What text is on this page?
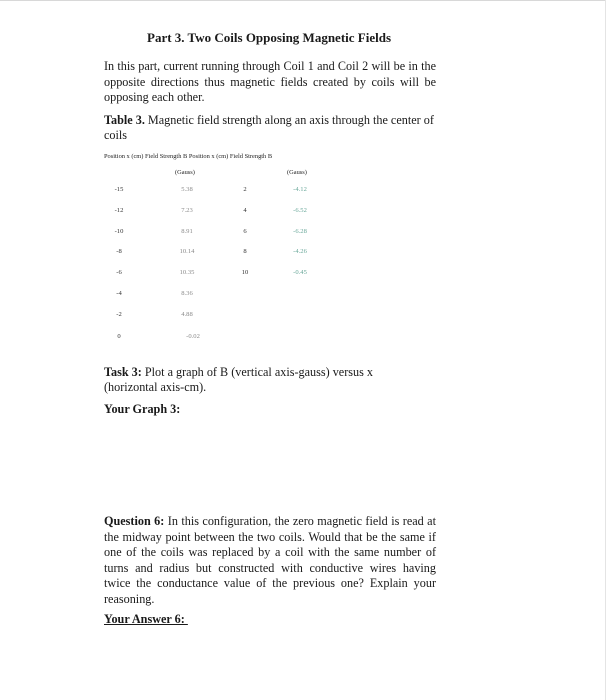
Part 3. Two Coils Opposing Magnetic Fields
In this part, current running through Coil 1 and Coil 2 will be in the opposite directions thus magnetic fields created by coils will be opposing each other.
Table 3. Magnetic field strength along an axis through the center of coils
Position x (cm) Field Strength B Position x (cm) Field Strength B
(Gauss)	(Gauss)
-15	5.38	2	-4.12
-12	7.23	4	-6.52
-10	8.91	6	-6.28
-8	10.14	8	-4.26
-6	10.35	10	-0.45
-4	8.36
-2	4.88
0	-0.02
Task 3: Plot a graph of B (vertical axis-gauss) versus x (horizontal axis-cm).
Your Graph 3:
Question 6: In this configuration, the zero magnetic field is read at the midway point between the two coils. Would that be the same if one of the coils was replaced by a coil with the same number of turns and radius but constructed with conductive wires having twice the conductance value of the previous one? Explain your reasoning.
Your Answer 6:
